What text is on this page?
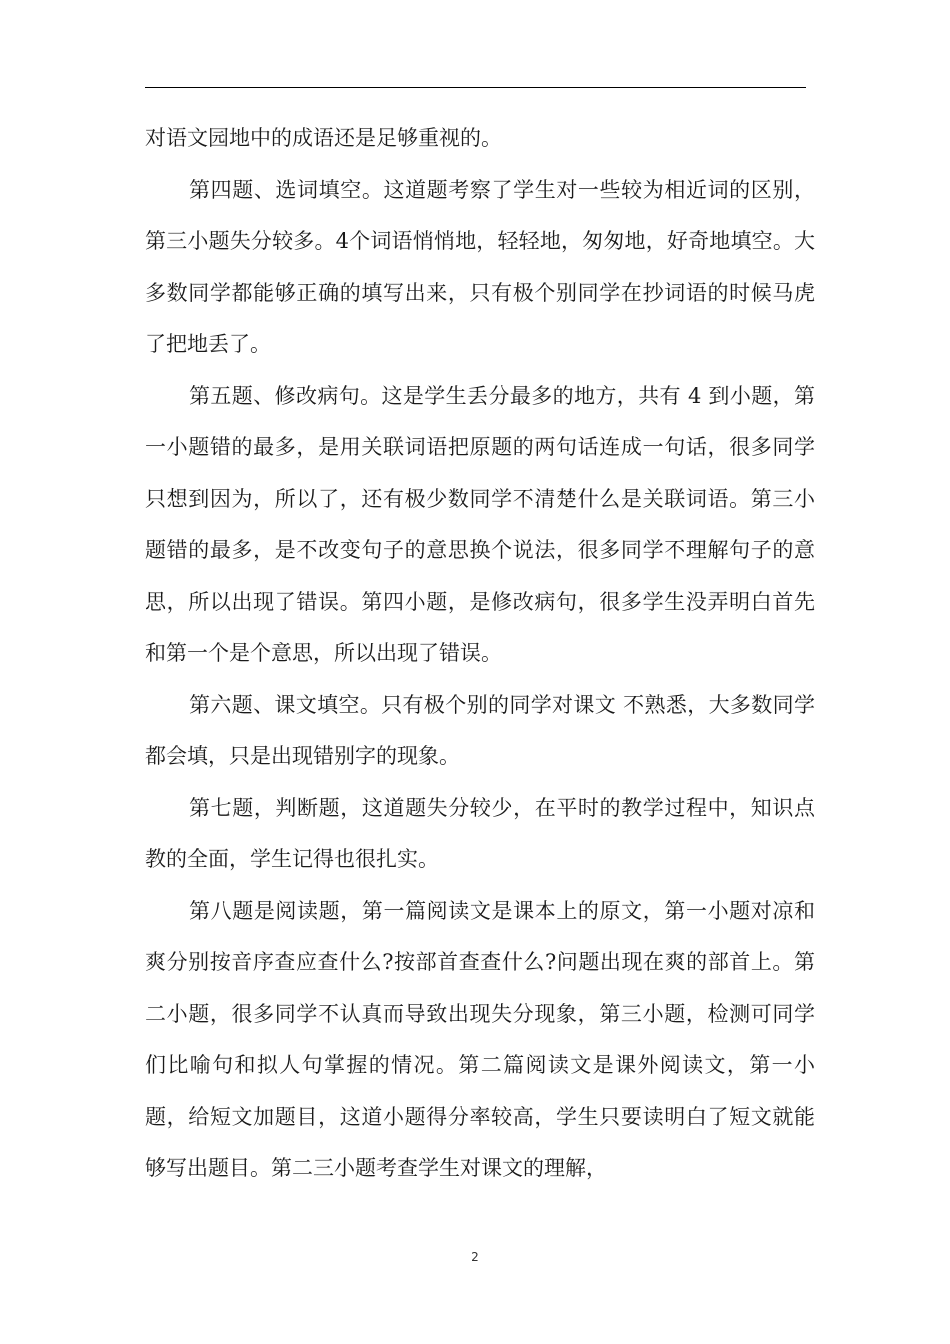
对语文园地中的成语还是足够重视的。

第四题、选词填空。这道题考察了学生对一些较为相近词的区别，第三小题失分较多。4个词语悄悄地，轻轻地，匆匆地，好奇地填空。大多数同学都能够正确的填写出来，只有极个别同学在抄词语的时候马虎了把地丢了。

第五题、修改病句。这是学生丢分最多的地方，共有 4 到小题，第一小题错的最多，是用关联词语把原题的两句话连成一句话，很多同学只想到因为，所以了，还有极少数同学不清楚什么是关联词语。第三小题错的最多，是不改变句子的意思换个说法，很多同学不理解句子的意思，所以出现了错误。第四小题，是修改病句，很多学生没弄明白首先和第一个是个意思，所以出现了错误。

第六题、课文填空。只有极个别的同学对课文 不熟悉，大多数同学都会填，只是出现错别字的现象。

第七题，判断题，这道题失分较少，在平时的教学过程中，知识点教的全面，学生记得也很扎实。

第八题是阅读题，第一篇阅读文是课本上的原文，第一小题对凉和爽分别按音序查应查什么?按部首查查什么?问题出现在爽的部首上。第二小题，很多同学不认真而导致出现失分现象，第三小题，检测可同学们比喻句和拟人句掌握的情况。第二篇阅读文是课外阅读文，第一小题，给短文加题目，这道小题得分率较高，学生只要读明白了短文就能够写出题目。第二三小题考查学生对课文的理解，

2
